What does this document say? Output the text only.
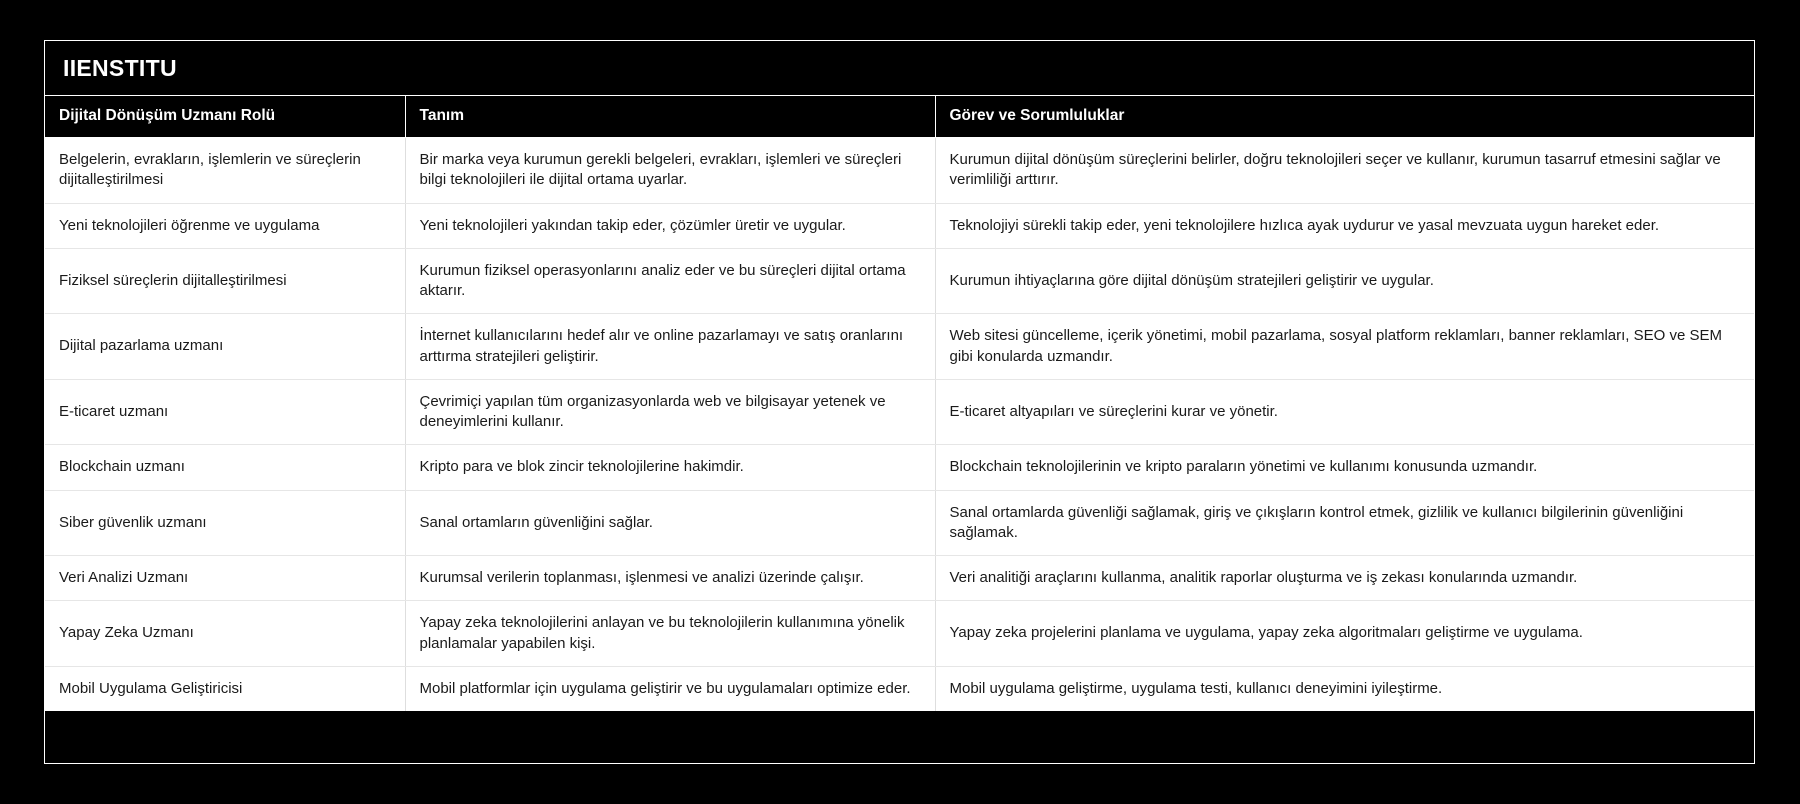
IIENSTITU
Dijital Dönüşüm Uzmanı Rolü	Tanım	Görev ve Sorumluluklar
Belgelerin, evrakların, işlemlerin ve süreçlerin dijitalleştirilmesi	Bir marka veya kurumun gerekli belgeleri, evrakları, işlemleri ve süreçleri bilgi teknolojileri ile dijital ortama uyarlar.	Kurumun dijital dönüşüm süreçlerini belirler, doğru teknolojileri seçer ve kullanır, kurumun tasarruf etmesini sağlar ve verimliliği arttırır.
Yeni teknolojileri öğrenme ve uygulama	Yeni teknolojileri yakından takip eder, çözümler üretir ve uygular.	Teknolojiyi sürekli takip eder, yeni teknolojilere hızlıca ayak uydurur ve yasal mevzuata uygun hareket eder.
Fiziksel süreçlerin dijitalleştirilmesi	Kurumun fiziksel operasyonlarını analiz eder ve bu süreçleri dijital ortama aktarır.	Kurumun ihtiyaçlarına göre dijital dönüşüm stratejileri geliştirir ve uygular.
Dijital pazarlama uzmanı	İnternet kullanıcılarını hedef alır ve online pazarlamayı ve satış oranlarını arttırma stratejileri geliştirir.	Web sitesi güncelleme, içerik yönetimi, mobil pazarlama, sosyal platform reklamları, banner reklamları, SEO ve SEM gibi konularda uzmandır.
E-ticaret uzmanı	Çevrimiçi yapılan tüm organizasyonlarda web ve bilgisayar yetenek ve deneyimlerini kullanır.	E-ticaret altyapıları ve süreçlerini kurar ve yönetir.
Blockchain uzmanı	Kripto para ve blok zincir teknolojilerine hakimdir.	Blockchain teknolojilerinin ve kripto paraların yönetimi ve kullanımı konusunda uzmandır.
Siber güvenlik uzmanı	Sanal ortamların güvenliğini sağlar.	Sanal ortamlarda güvenliği sağlamak, giriş ve çıkışların kontrol etmek, gizlilik ve kullanıcı bilgilerinin güvenliğini sağlamak.
Veri Analizi Uzmanı	Kurumsal verilerin toplanması, işlenmesi ve analizi üzerinde çalışır.	Veri analitiği araçlarını kullanma, analitik raporlar oluşturma ve iş zekası konularında uzmandır.
Yapay Zeka Uzmanı	Yapay zeka teknolojilerini anlayan ve bu teknolojilerin kullanımına yönelik planlamalar yapabilen kişi.	Yapay zeka projelerini planlama ve uygulama, yapay zeka algoritmaları geliştirme ve uygulama.
Mobil Uygulama Geliştiricisi	Mobil platformlar için uygulama geliştirir ve bu uygulamaları optimize eder.	Mobil uygulama geliştirme, uygulama testi, kullanıcı deneyimini iyileştirme.
